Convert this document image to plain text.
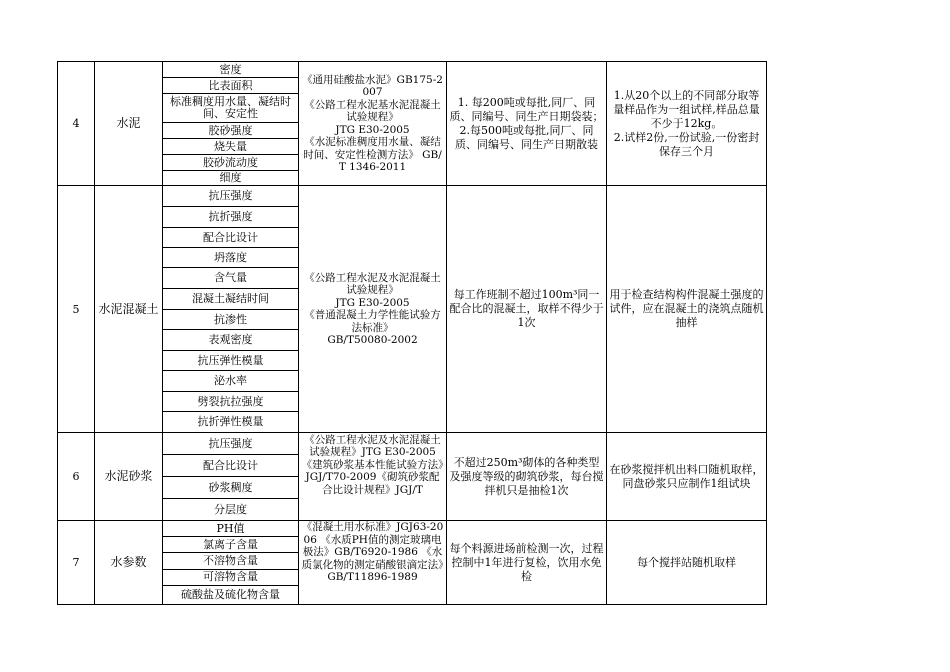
4	水泥	密度	《通用硅酸盐水泥》GB175-2007
《公路工程水泥基水泥混凝土试验规程》
JTG E30-2005
《水泥标准稠度用水量、凝结时间、安定性检测方法》 GB/T 1346-2011	1. 每200吨或每批,同厂、同质、同编号、同生产日期袋装；
2.每500吨或每批,同厂、同质、同编号、同生产日期散装	1.从20个以上的不同部分取等量样品作为一组试样,样品总量不少于12kg。
2.试样2份,一份试验,一份密封保存三个月
		比表面积			
		标准稠度用水量、凝结时间、安定性			
		胶砂强度			
		烧失量			
		胶砂流动度			
		细度			
5	水泥混凝土	抗压强度	《公路工程水泥及水泥混凝土试验规程》
JTG E30-2005
《普通混凝土力学性能试验方法标准》
GB/T50080-2002	每工作班制不超过100m³同一配合比的混凝土，取样不得少于1次	用于检查结构构件混凝土强度的试件，应在混凝土的浇筑点随机抽样
		抗折强度			
		配合比设计			
		坍落度			
		含气量			
		混凝土凝结时间			
		抗渗性			
		表观密度			
		抗压弹性模量			
		泌水率			
		劈裂抗拉强度			
		抗折弹性模量			
6	水泥砂浆	抗压强度	《公路工程水泥及水泥混凝土试验规程》JTG E30-2005 《建筑砂浆基本性能试验方法》JGJ/T70-2009《砌筑砂浆配合比设计规程》JGJ/T	不超过250m³砌体的各种类型及强度等级的砌筑砂浆，每台搅拌机只是抽检1次	在砂浆搅拌机出料口随机取样，同盘砂浆只应制作1组试块
		配合比设计			
		砂浆稠度			
		分层度			
7	水参数	PH值	《混凝土用水标准》JGJ63-2006 《水质PH值的测定玻璃电极法》GB/T6920-1986 《水质氯化物的测定硝酸银滴定法》GB/T11896-1989	每个料源进场前检测一次，过程控制中1年进行复检，饮用水免检	每个搅拌站随机取样
		氯离子含量			
		不溶物含量			
		可溶物含量			
		硫酸盐及硫化物含量			
